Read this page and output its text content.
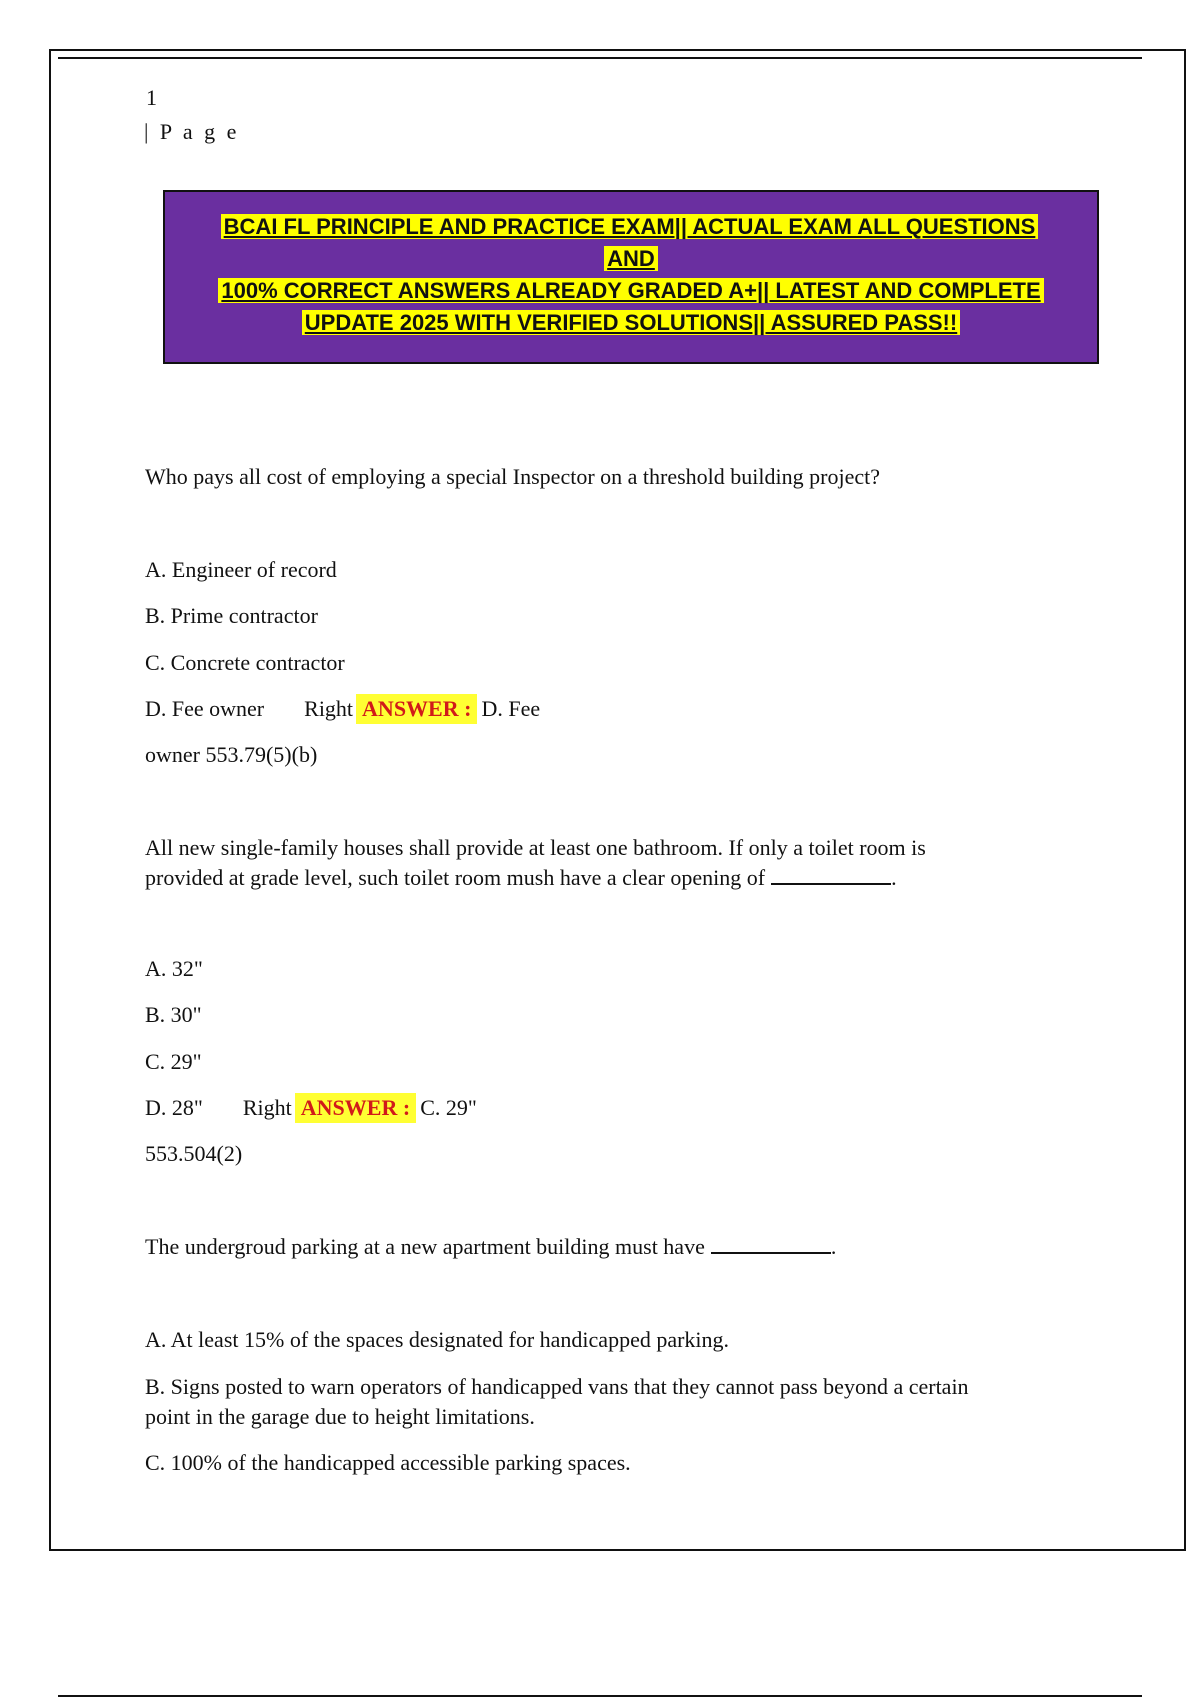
1
| P a g e
BCAI FL PRINCIPLE AND PRACTICE EXAM|| ACTUAL EXAM ALL QUESTIONS AND
100% CORRECT ANSWERS ALREADY GRADED A+|| LATEST AND COMPLETE
UPDATE 2025 WITH VERIFIED SOLUTIONS|| ASSURED PASS!!
Who pays all cost of employing a special Inspector on a threshold building project?
A. Engineer of record
B. Prime contractor
C. Concrete contractor
D. Fee owner Right ANSWER : D. Fee
owner 553.79(5)(b)
All new single-family houses shall provide at least one bathroom. If only a toilet room is
provided at grade level, such toilet room mush have a clear opening of	.
A. 32"
B. 30"
C. 29"
D. 28" Right ANSWER : C. 29"
553.504(2)
The undergroud parking at a new apartment building must have	.
A. At least 15% of the spaces designated for handicapped parking.
B. Signs posted to warn operators of handicapped vans that they cannot pass beyond a certain
point in the garage due to height limitations.
C. 100% of the handicapped accessible parking spaces.
